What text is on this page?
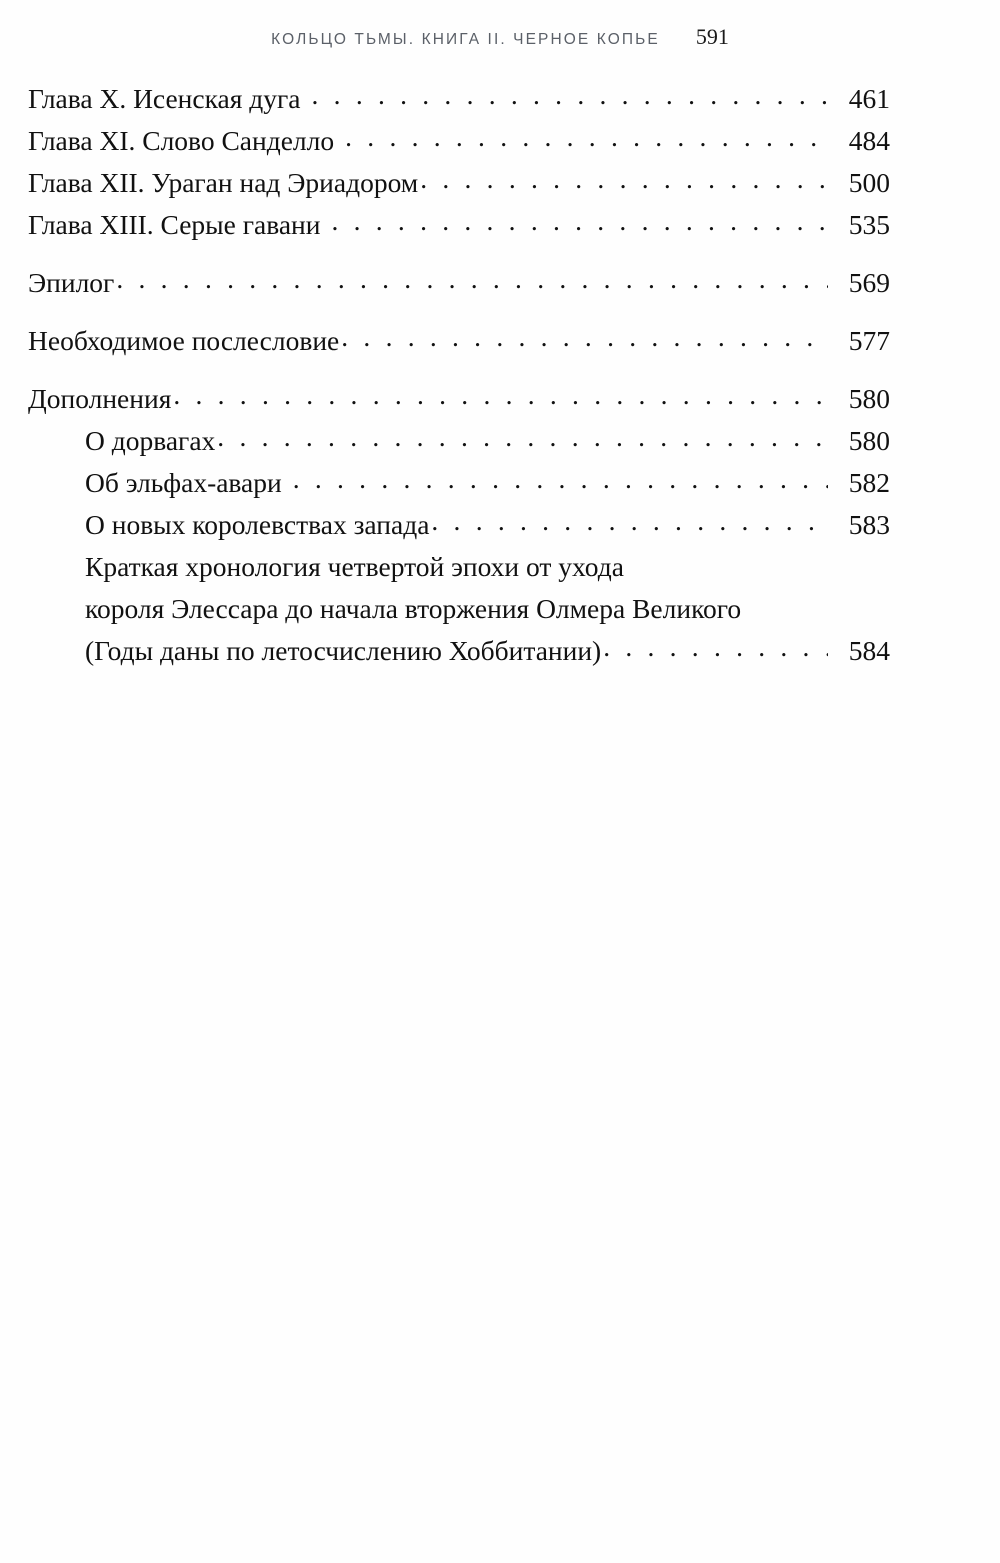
КОЛЬЦО ТЬМЫ. КНИГА II. ЧЕРНОЕ КОПЬЕ 591
Глава X. Исенская дуга . . .	461
Глава XI. Слово Санделло . . .	484
Глава XII. Ураган над Эриадором . . .	500
Глава XIII. Серые гавани . . .	535
Эпилог . . .	569
Необходимое послесловие . . .	577
Дополнения . . .	580
О дорвагах . . .	580
Об эльфах-авари . . .	582
О новых королевствах запада . . .	583
Краткая хронология четвертой эпохи от ухода
короля Элессара до начала вторжения Олмера Великого
(Годы даны по летосчислению Хоббитании) . . .	584
